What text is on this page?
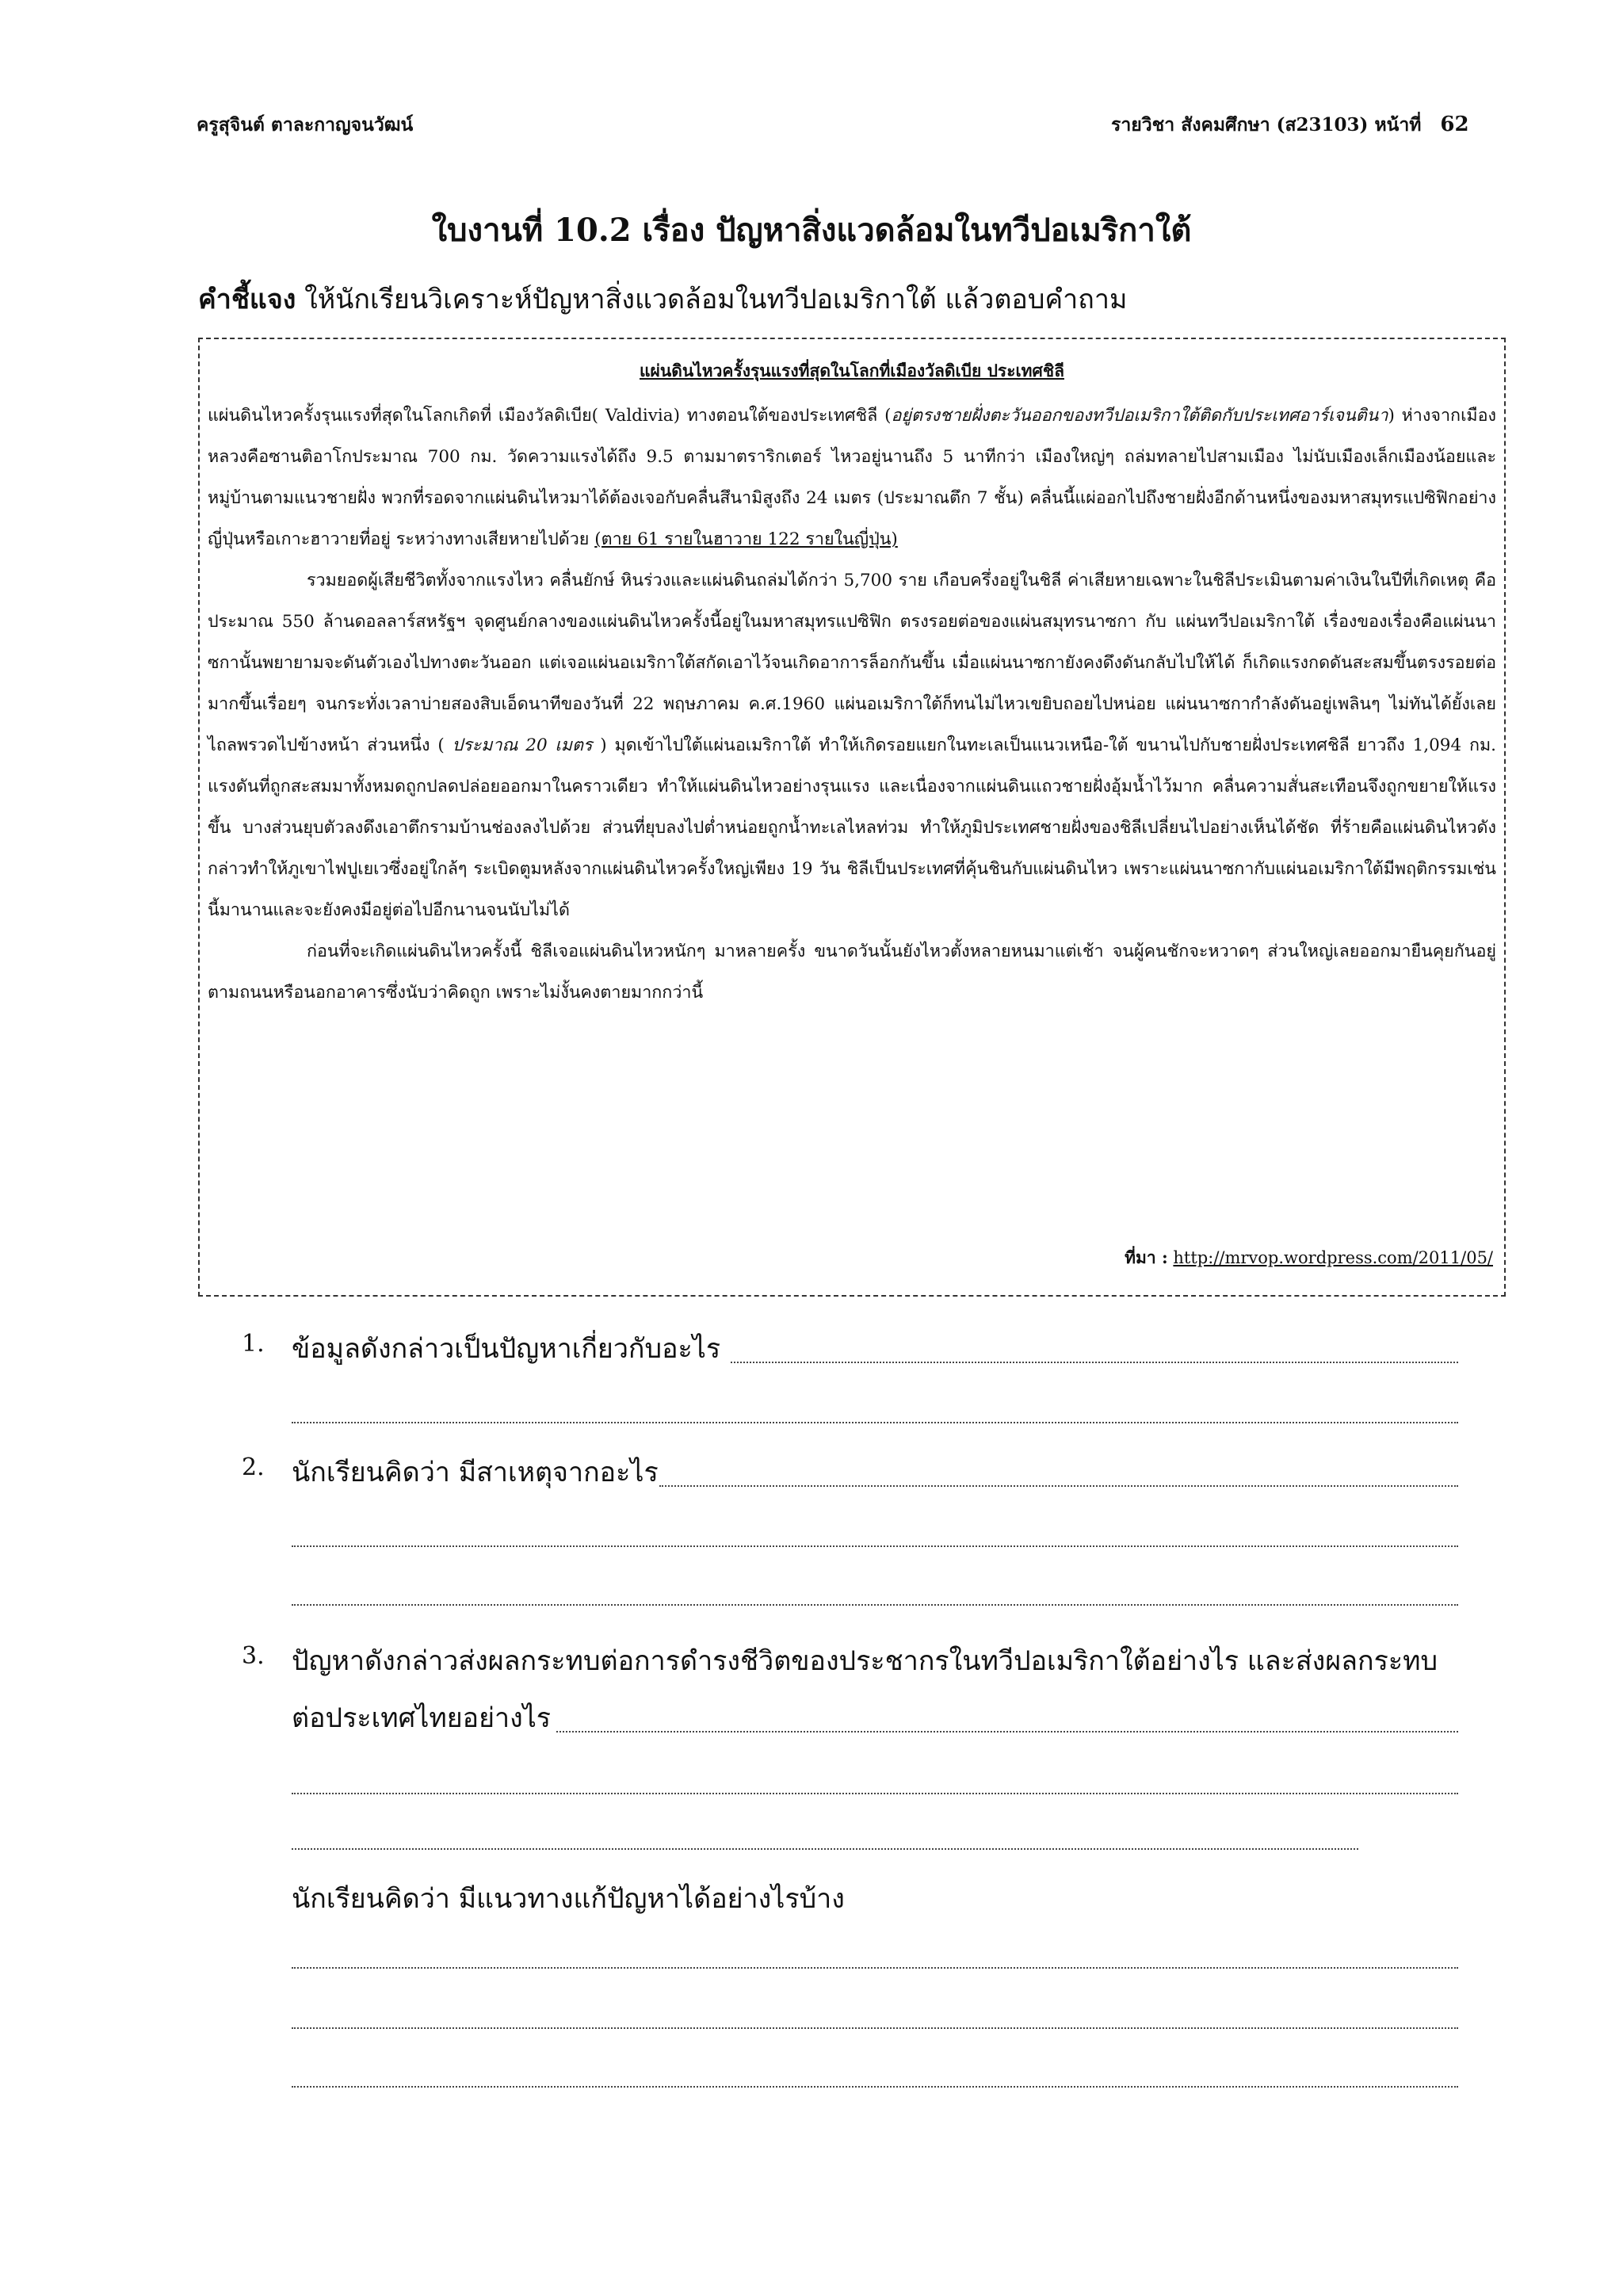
ครูสุจินต์ ตาละกาญจนวัฒน์	รายวิชา สังคมศึกษา (ส23103) หน้าที่ 62
ใบงานที่ 10.2 เรื่อง ปัญหาสิ่งแวดล้อมในทวีปอเมริกาใต้
คำชี้แจง ให้นักเรียนวิเคราะห์ปัญหาสิ่งแวดล้อมในทวีปอเมริกาใต้ แล้วตอบคำถาม
แผ่นดินไหวครั้งรุนแรงที่สุดในโลกที่เมืองวัลดิเบีย ประเทศชิลี

แผ่นดินไหวครั้งรุนแรงที่สุดในโลกเกิดที่ เมืองวัลดิเบีย( Valdivia) ทางตอนใต้ของประเทศชิลี (อยู่ตรงชายฝั่งตะวันออกของทวีปอเมริกาใต้ติดกับประเทศอาร์เจนตินา) ห่างจากเมืองหลวงคือซานติอาโกประมาณ 700 กม. วัดความแรงได้ถึง 9.5 ตามมาตราริกเตอร์ ไหวอยู่นานถึง 5 นาทีกว่า เมืองใหญ่ๆ ถล่มทลายไปสามเมือง ไม่นับเมืองเล็กเมืองน้อยและหมู่บ้านตามแนวชายฝั่ง พวกที่รอดจากแผ่นดินไหวมาได้ต้องเจอกับคลื่นสึนามิสูงถึง 24 เมตร (ประมาณตึก 7 ชั้น) คลื่นนี้แผ่ออกไปถึงชายฝั่งอีกด้านหนึ่งของมหาสมุทรแปซิฟิกอย่างญี่ปุ่นหรือเกาะฮาวายที่อยู่ ระหว่างทางเสียหายไปด้วย (ตาย 61 รายในฮาวาย 122 รายในญี่ปุ่น)

รวมยอดผู้เสียชีวิตทั้งจากแรงไหว คลื่นยักษ์ หินร่วงและแผ่นดินถล่มได้กว่า 5,700 ราย เกือบครึ่งอยู่ในชิลี ค่าเสียหายเฉพาะในชิลีประเมินตามค่าเงินในปีที่เกิดเหตุ คือประมาณ 550 ล้านดอลลาร์สหรัฐฯ จุดศูนย์กลางของแผ่นดินไหวครั้งนี้อยู่ในมหาสมุทรแปซิฟิก ตรงรอยต่อของแผ่นสมุทรนาซกา กับ แผ่นทวีปอเมริกาใต้ เรื่องของเรื่องคือแผ่นนาซกานั้นพยายามจะดันตัวเองไปทางตะวันออก แต่เจอแผ่นอเมริกาใต้สกัดเอาไว้จนเกิดอาการล็อกกันขึ้น เมื่อแผ่นนาซกายังคงดึงดันกลับไปให้ได้ ก็เกิดแรงกดดันสะสมขึ้นตรงรอยต่อมากขึ้นเรื่อยๆ จนกระทั่งเวลาบ่ายสองสิบเอ็ดนาทีของวันที่ 22 พฤษภาคม ค.ศ.1960 แผ่นอเมริกาใต้ก็ทนไม่ไหวเขยิบถอยไปหน่อย แผ่นนาซกากำลังดันอยู่เพลินๆ ไม่ทันได้ยั้งเลยไถลพรวดไปข้างหน้า ส่วนหนึ่ง ( ประมาณ 20 เมตร ) มุดเข้าไปใต้แผ่นอเมริกาใต้ ทำให้เกิดรอยแยกในทะเลเป็นแนวเหนือ-ใต้ ขนานไปกับชายฝั่งประเทศชิลี ยาวถึง 1,094 กม. แรงดันที่ถูกสะสมมาทั้งหมดถูกปลดปล่อยออกมาในคราวเดียว ทำให้แผ่นดินไหวอย่างรุนแรง และเนื่องจากแผ่นดินแถวชายฝั่งอุ้มน้ำไว้มาก คลื่นความสั่นสะเทือนจึงถูกขยายให้แรงขึ้น บางส่วนยุบตัวลงดึงเอาตึกรามบ้านช่องลงไปด้วย ส่วนที่ยุบลงไปต่ำหน่อยถูกน้ำทะเลไหลท่วม ทำให้ภูมิประเทศชายฝั่งของชิลีเปลี่ยนไปอย่างเห็นได้ชัด ที่ร้ายคือแผ่นดินไหวดังกล่าวทำให้ภูเขาไฟปูเยเวซึ่งอยู่ใกล้ๆ ระเบิดตูมหลังจากแผ่นดินไหวครั้งใหญ่เพียง 19 วัน ชิลีเป็นประเทศที่คุ้นชินกับแผ่นดินไหว เพราะแผ่นนาซกากับแผ่นอเมริกาใต้มีพฤติกรรมเช่นนี้มานานและจะยังคงมีอยู่ต่อไปอีกนานจนนับไม่ได้

ก่อนที่จะเกิดแผ่นดินไหวครั้งนี้ ชิลีเจอแผ่นดินไหวหนักๆ มาหลายครั้ง ขนาดวันนั้นยังไหวตั้งหลายหนมาแต่เช้า จนผู้คนชักจะหวาดๆ ส่วนใหญ่เลยออกมายืนคุยกันอยู่ตามถนนหรือนอกอาคารซึ่งนับว่าคิดถูก เพราะไม่งั้นคงตายมากกว่านี้

ที่มา : http://mrvop.wordpress.com/2011/05/
1. ข้อมูลดังกล่าวเป็นปัญหาเกี่ยวกับอะไร
2. นักเรียนคิดว่า มีสาเหตุจากอะไร
3. ปัญหาดังกล่าวส่งผลกระทบต่อการดำรงชีวิตของประชากรในทวีปอเมริกาใต้อย่างไร และส่งผลกระทบ
ต่อประเทศไทยอย่างไร
นักเรียนคิดว่า มีแนวทางแก้ปัญหาได้อย่างไรบ้าง
